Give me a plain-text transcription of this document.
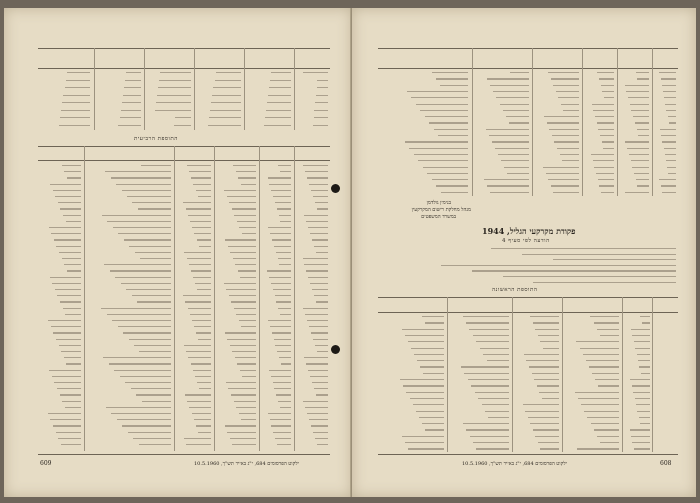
התוספת הרביעית
ילקוט הפרסומים 684, י"ג באייר תש"ך, 10.5.1960
609
בנימין גולדמן
מנהל מחלקת רישום המקרקעין
במשרד המשפטים
פקודת מקרקעי הגליל, 1944
הודעה לפי סעיף 4
התוספת הראשונה
ילקוט הפרסומים 684, י"ג באייר תש"ך, 10.5.1960	608
